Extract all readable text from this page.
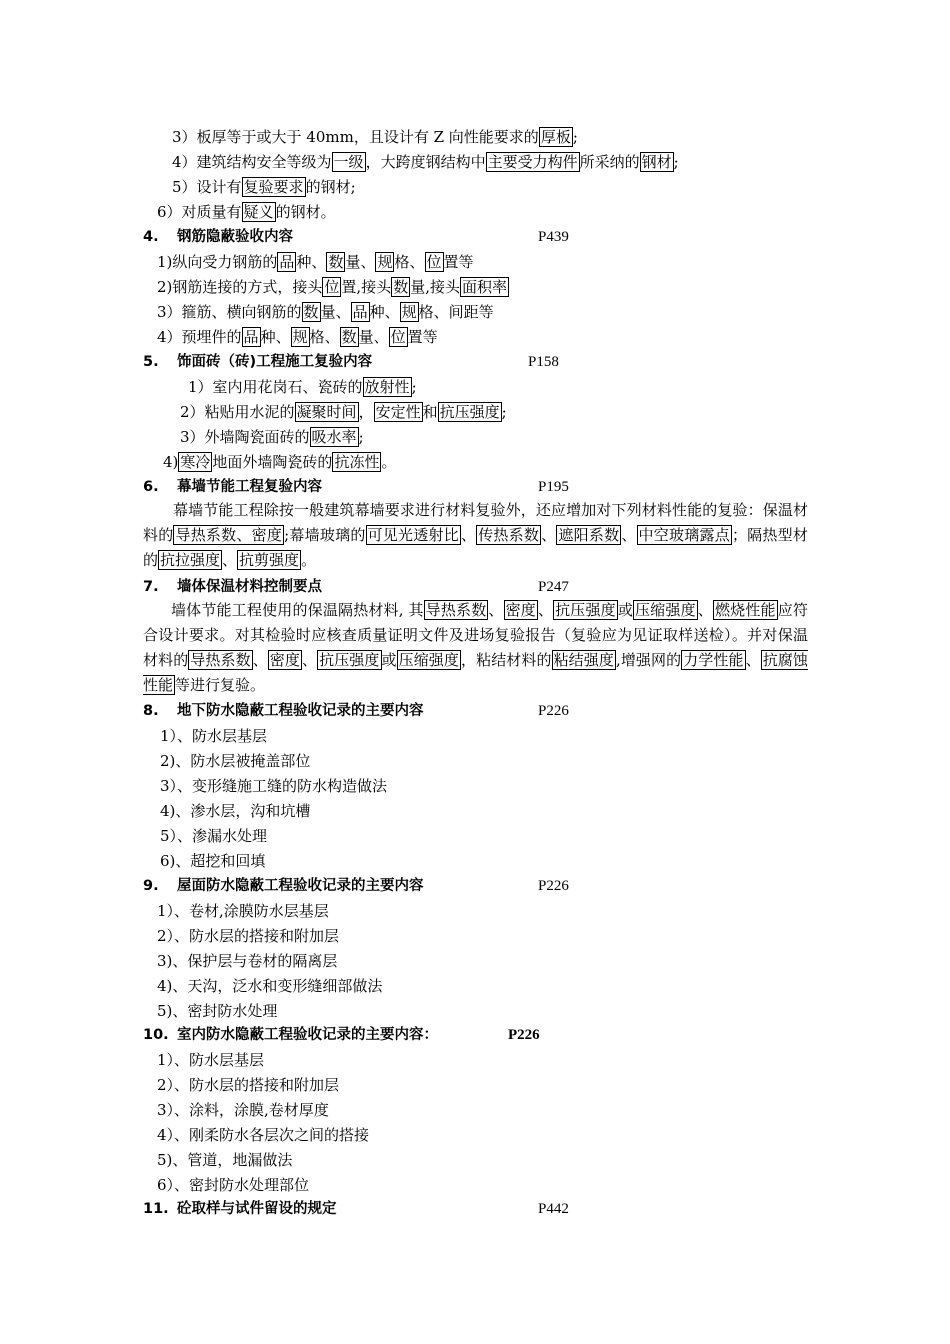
3）板厚等于或大于 40mm，且设计有 Z 向性能要求的 厚板 ;
4）建筑结构安全等级为 一级 ，大跨度钢结构中 主要受力构件 所采纳的 钢材 ;
5）设计有 复验要求 的钢材;
6）对质量有 疑义 的钢材。
4. 钢筋隐蔽验收内容	P439
1)纵向受力钢筋的 品 种、 数 量、 规 格、 位 置等
2)钢筋连接的方式，接头 位 置,接头 数 量,接头 面积率
3）箍筋、横向钢筋的 数 量、 品 种、 规 格、间距等
4）预埋件的 品 种、 规 格、 数 量、 位 置等
5. 饰面砖（砖)工程施工复验内容	P158
1）室内用花岗石、瓷砖的 放射性 ;
2）粘贴用水泥的 凝聚时间 ， 安定性 和 抗压强度 ;
3）外墙陶瓷面砖的 吸水率 ;
4) 寒冷 地面外墙陶瓷砖的 抗冻性 。
6. 幕墙节能工程复验内容	P195
幕墙节能工程除按一般建筑幕墙要求进行材料复验外，还应增加对下列材料性能的复验：保温材料的 导热系数、密度 ;幕墙玻璃的 可见光透射比 、 传热系数 、 遮阳系数 、 中空玻璃露点 ；隔热型材的 抗拉强度 、 抗剪强度 。
7. 墙体保温材料控制要点	P247
墙体节能工程使用的保温隔热材料, 其 导热系数 、 密度 、 抗压强度 或 压缩强度 、 燃烧性能 应符合设计要求。对其检验时应核查质量证明文件及进场复验报告（复验应为见证取样送检）。并对保温材料的 导热系数 、 密度 、 抗压强度 或 压缩强度 ，粘结材料的 粘结强度 ,增强网的 力学性能 、 抗腐蚀性能 等进行复验。
8. 地下防水隐蔽工程验收记录的主要内容	P226
1）、防水层基层
2)、防水层被掩盖部位
3）、变形缝施工缝的防水构造做法
4)、渗水层，沟和坑槽
5）、渗漏水处理
6)、超挖和回填
9. 屋面防水隐蔽工程验收记录的主要内容	P226
1）、卷材,涂膜防水层基层
2）、防水层的搭接和附加层
3)、保护层与卷材的隔离层
4)、天沟，泛水和变形缝细部做法
5)、密封防水处理
10. 室内防水隐蔽工程验收记录的主要内容：	P226
1）、防水层基层
2）、防水层的搭接和附加层
3）、涂料，涂膜,卷材厚度
4）、刚柔防水各层次之间的搭接
5)、管道，地漏做法
6）、密封防水处理部位
11. 砼取样与试件留设的规定	P442
